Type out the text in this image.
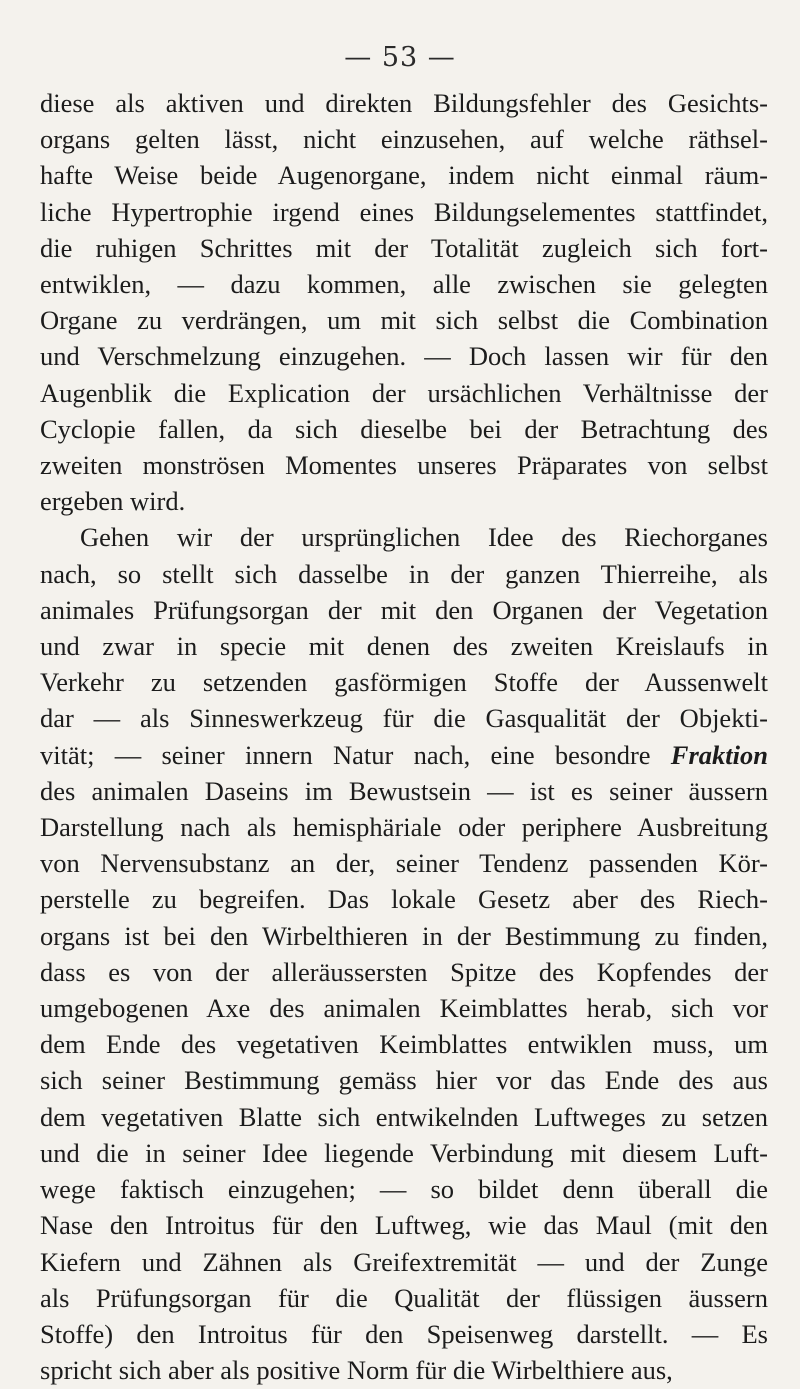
— 53 —
diese als aktiven und direkten Bildungsfehler des Gesichts-
organs gelten lässt, nicht einzusehen, auf welche räthsel-
hafte Weise beide Augenorgane, indem nicht einmal räum-
liche Hypertrophie irgend eines Bildungselementes stattfindet,
die ruhigen Schrittes mit der Totalität zugleich sich fort-
entwiklen, — dazu kommen, alle zwischen sie gelegten
Organe zu verdrängen, um mit sich selbst die Combination
und Verschmelzung einzugehen. — Doch lassen wir für den
Augenblik die Explication der ursächlichen Verhältnisse der
Cyclopie fallen, da sich dieselbe bei der Betrachtung des
zweiten monströsen Momentes unseres Präparates von selbst
ergeben wird.
Gehen wir der ursprünglichen Idee des Riechorganes
nach, so stellt sich dasselbe in der ganzen Thierreihe, als
animales Prüfungsorgan der mit den Organen der Vegetation
und zwar in specie mit denen des zweiten Kreislaufs in
Verkehr zu setzenden gasförmigen Stoffe der Aussenwelt
dar — als Sinneswerkzeug für die Gasqualität der Objekti-
vität; — seiner innern Natur nach, eine besondre Fraktion
des animalen Daseins im Bewustsein — ist es seiner äussern
Darstellung nach als hemisphäriale oder periphere Ausbreitung
von Nervensubstanz an der, seiner Tendenz passenden Kör-
perstelle zu begreifen. Das lokale Gesetz aber des Riech-
organs ist bei den Wirbelthieren in der Bestimmung zu finden,
dass es von der alleräussersten Spitze des Kopfendes der
umgebogenen Axe des animalen Keimblattes herab, sich vor
dem Ende des vegetativen Keimblattes entwiklen muss, um
sich seiner Bestimmung gemäss hier vor das Ende des aus
dem vegetativen Blatte sich entwikelnden Luftweges zu setzen
und die in seiner Idee liegende Verbindung mit diesem Luft-
wege faktisch einzugehen; — so bildet denn überall die
Nase den Introitus für den Luftweg, wie das Maul (mit den
Kiefern und Zähnen als Greifextremität — und der Zunge
als Prüfungsorgan für die Qualität der flüssigen äussern
Stoffe) den Introitus für den Speisenweg darstellt. — Es
spricht sich aber als positive Norm für die Wirbelthiere aus,
